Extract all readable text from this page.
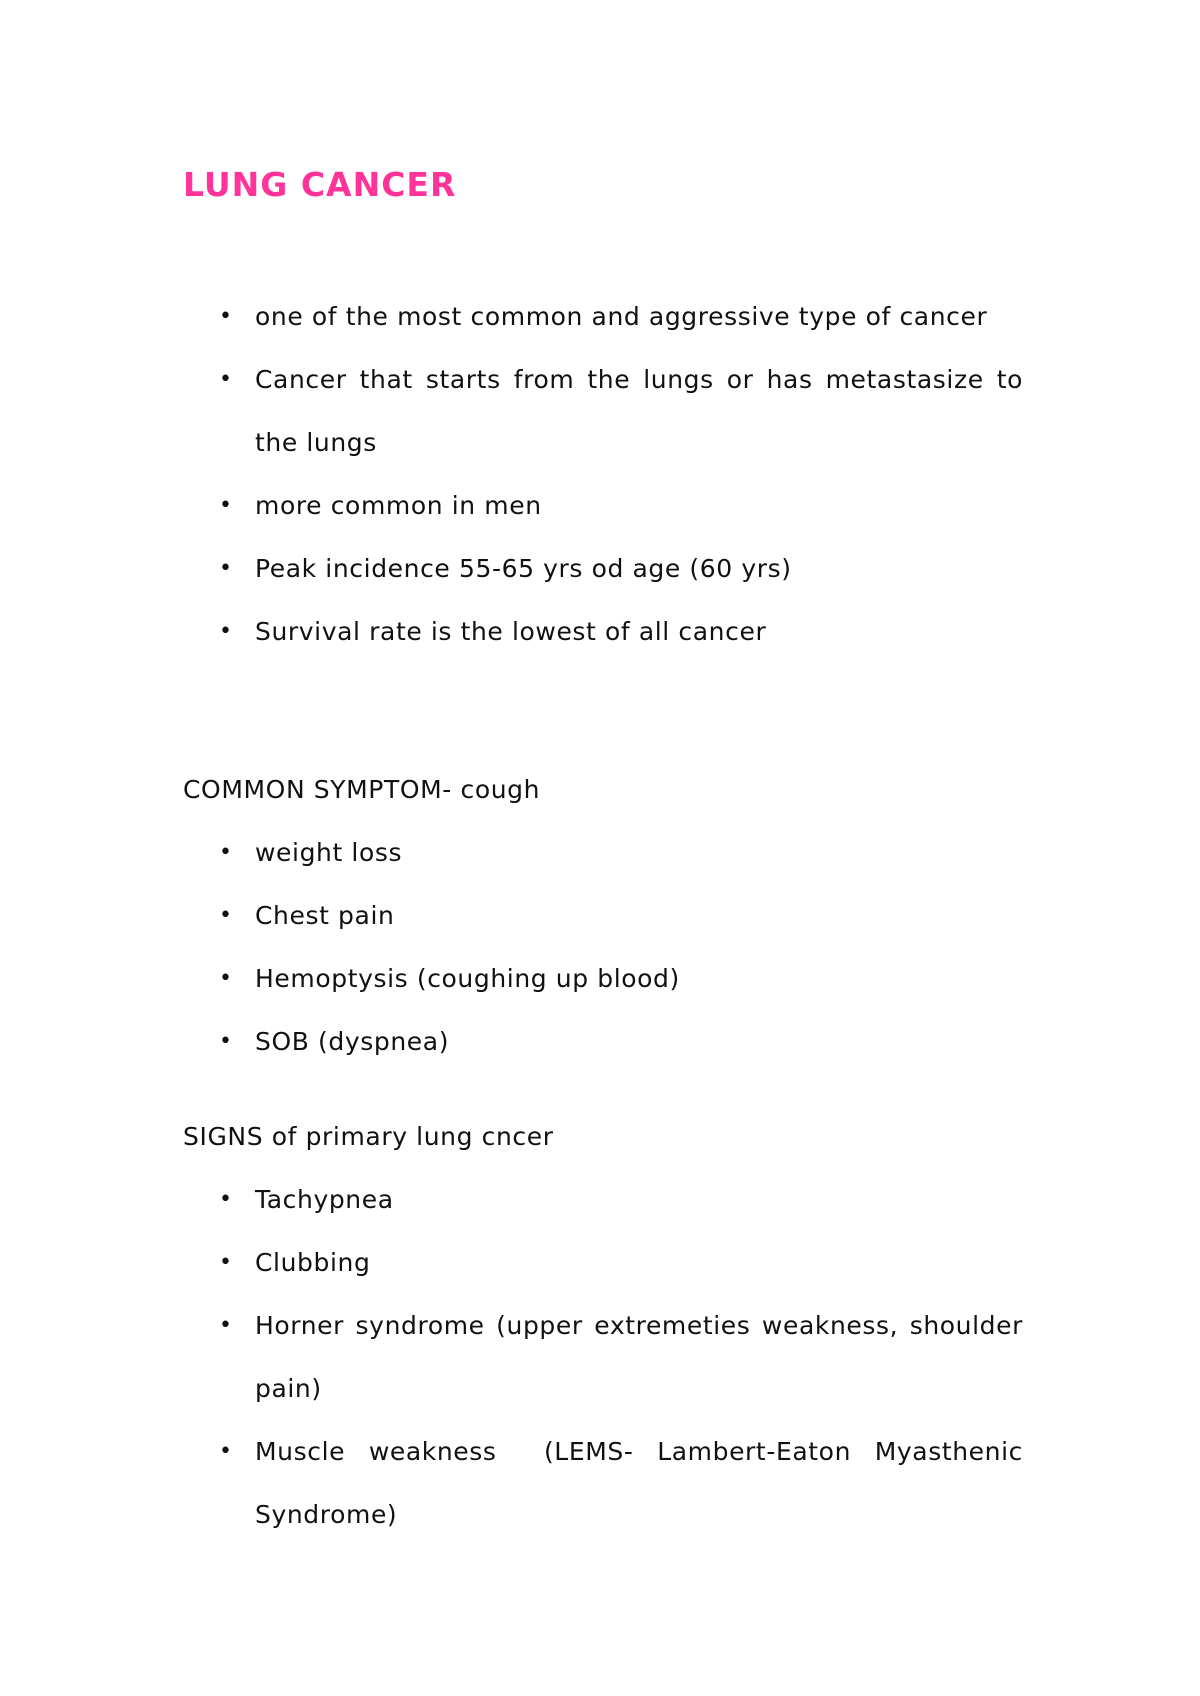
LUNG CANCER
• one of the most common and aggressive type of cancer
• Cancer that starts from the lungs or has metastasize to the lungs
• more common in men
• Peak incidence 55-65 yrs od age (60 yrs)
• Survival rate is the lowest of all cancer
COMMON SYMPTOM- cough
• weight loss
• Chest pain
• Hemoptysis (coughing up blood)
• SOB (dyspnea)
SIGNS of primary lung cncer
• Tachypnea
• Clubbing
• Horner syndrome (upper extremeties weakness, shoulder pain)
• Muscle weakness  (LEMS- Lambert-Eaton Myasthenic Syndrome)
